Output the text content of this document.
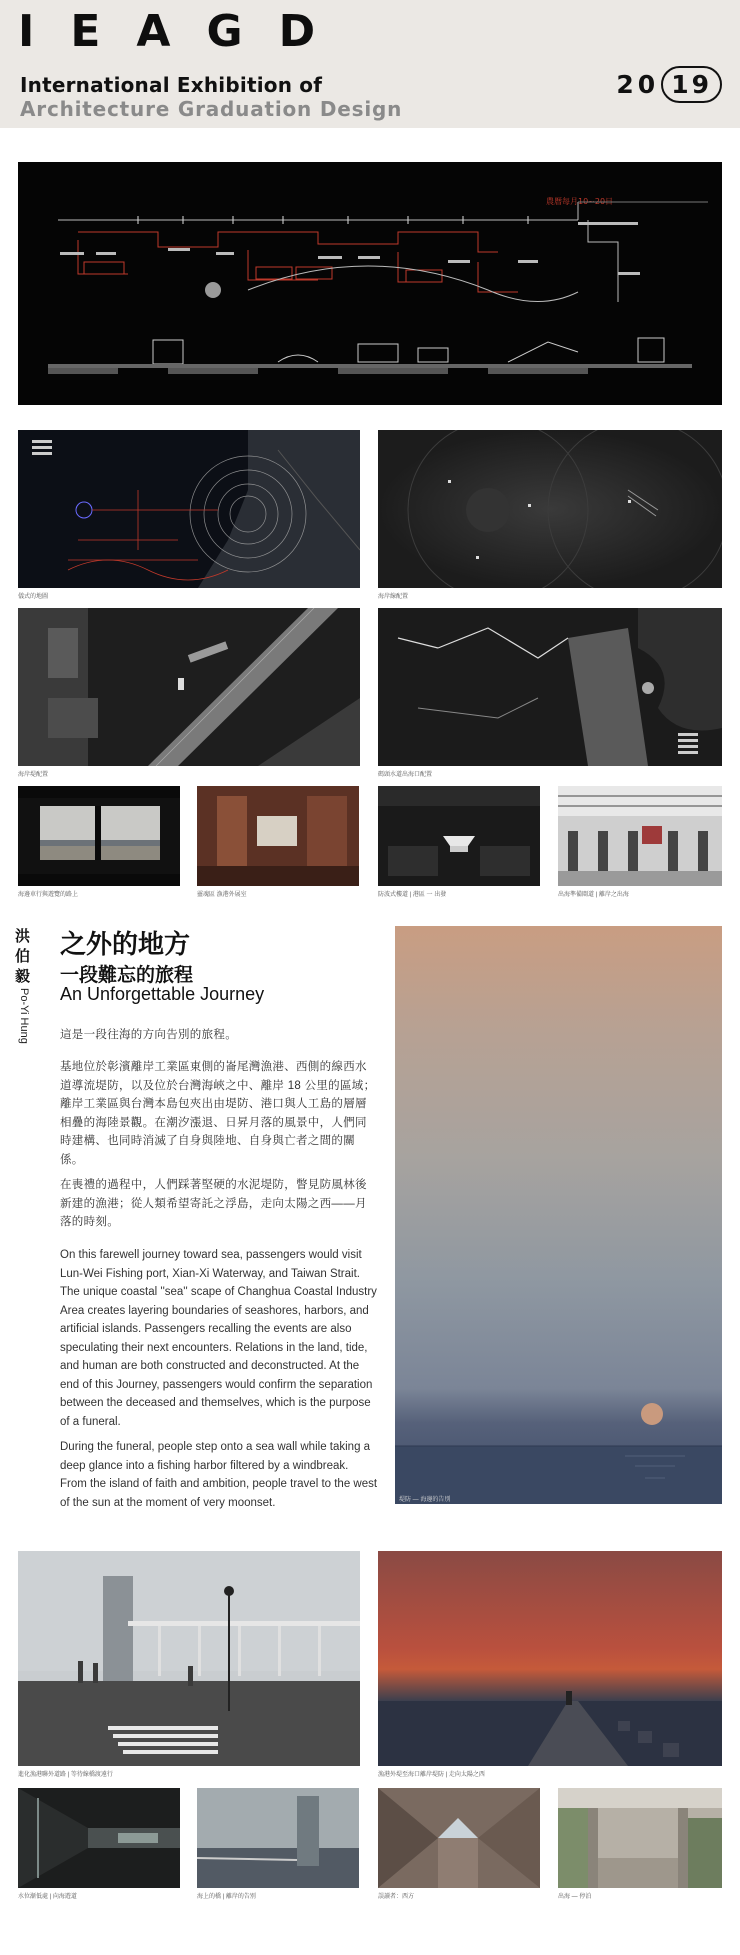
IEAGD
International Exhibition of
Architecture Graduation Design
20 19
農曆每月10~20日
儀式的地圖	海岸線配置
海岸堤配置	碼頭水道出海口配置
海邊車行與遊覽的路上	靈魂區 漁港外展室	防波式樓道 | 港區 一 出發	出海準備閘道 | 離岸之出海
洪伯毅
Po-Yi Hung
之外的地方
一段難忘的旅程
An Unforgettable Journey
這是一段往海的方向告別的旅程。
基地位於彰濱離岸工業區東側的崙尾灣漁港、西側的線西水道導流堤防，以及位於台灣海峽之中、離岸 18 公里的區域；離岸工業區與台灣本島包夾出由堤防、港口與人工島的層層相疊的海陸景觀。在潮汐漲退、日昇月落的風景中，人們同時建構、也同時消滅了自身與陸地、自身與亡者之間的關係。
在喪禮的過程中，人們踩著堅硬的水泥堤防，瞥見防風林後新建的漁港；從人類希望寄託之浮島，走向太陽之西——月落的時刻。
On this farewell journey toward sea, passengers would visit Lun-Wei Fishing port, Xian-Xi Waterway, and Taiwan Strait. The unique coastal ''sea'' scape of Changhua Coastal Industry Area creates layering boundaries of seashores, harbors, and artificial islands. Passengers recalling the events are also speculating their next encounters. Relations in the land, tide, and human are both constructed and deconstructed. At the end of this Journey, passengers would confirm the separation between the deceased and themselves, which is the purpose of a funeral.
During the funeral, people step onto a sea wall while taking a deep glance into a fishing harbor filtered by a windbreak. From the island of faith and ambition, people travel to the west of the sun at the moment of very moonset.	堤防 — 海邊的告別
進化漁港聯外道路 | 等待線橋渡遠行	漁港外堤至海口離岸堤防 | 走向太陽之西
水位漸低處 | 向海遊道	海上的橋 | 離岸的告別	誤讀者：西方	出海 — 停泊
